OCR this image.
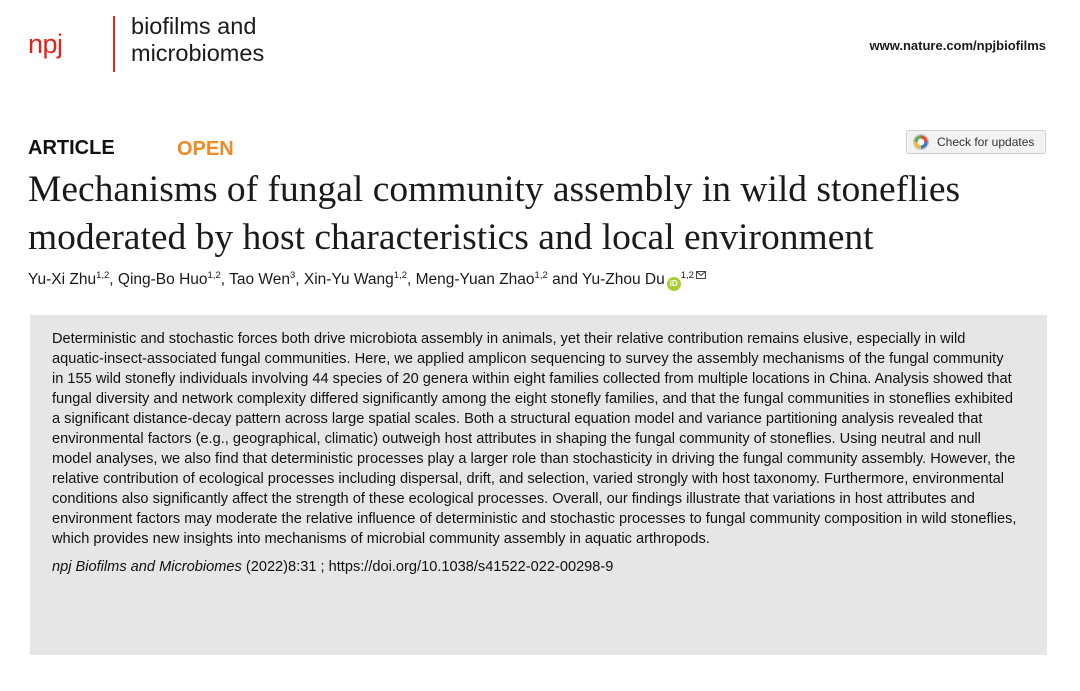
npj
biofilms and
microbiomes	www.nature.com/npjbiofilms
ARTICLE	OPEN	Check for updates
Mechanisms of fungal community assembly in wild stoneflies moderated by host characteristics and local environment
Yu-Xi Zhu$^{1,2}$, Qing-Bo Huo$^{1,2}$, Tao Wen$^3$, Xin-Yu Wang$^{1,2}$, Meng-Yuan Zhao$^{1,2}$ and Yu-Zhou Du iD$^{1,2}$

Deterministic and stochastic forces both drive microbiota assembly in animals, yet their relative contribution remains elusive, especially in wild aquatic-insect-associated fungal communities. Here, we applied amplicon sequencing to survey the assembly mechanisms of the fungal community in 155 wild stonefly individuals involving 44 species of 20 genera within eight families collected from multiple locations in China. Analysis showed that fungal diversity and network complexity differed significantly among the eight stonefly families, and that the fungal communities in stoneflies exhibited a significant distance-decay pattern across large spatial scales. Both a structural equation model and variance partitioning analysis revealed that environmental factors (e.g., geographical, climatic) outweigh host attributes in shaping the fungal community of stoneflies. Using neutral and null model analyses, we also find that deterministic processes play a larger role than stochasticity in driving the fungal community assembly. However, the relative contribution of ecological processes including dispersal, drift, and selection, varied strongly with host taxonomy. Furthermore, environmental conditions also significantly affect the strength of these ecological processes. Overall, our findings illustrate that variations in host attributes and environment factors may moderate the relative influence of deterministic and stochastic processes to fungal community composition in wild stoneflies, which provides new insights into mechanisms of microbial community assembly in aquatic arthropods.

npj Biofilms and Microbiomes (2022)8:31 ; https://doi.org/10.1038/s41522-022-00298-9
